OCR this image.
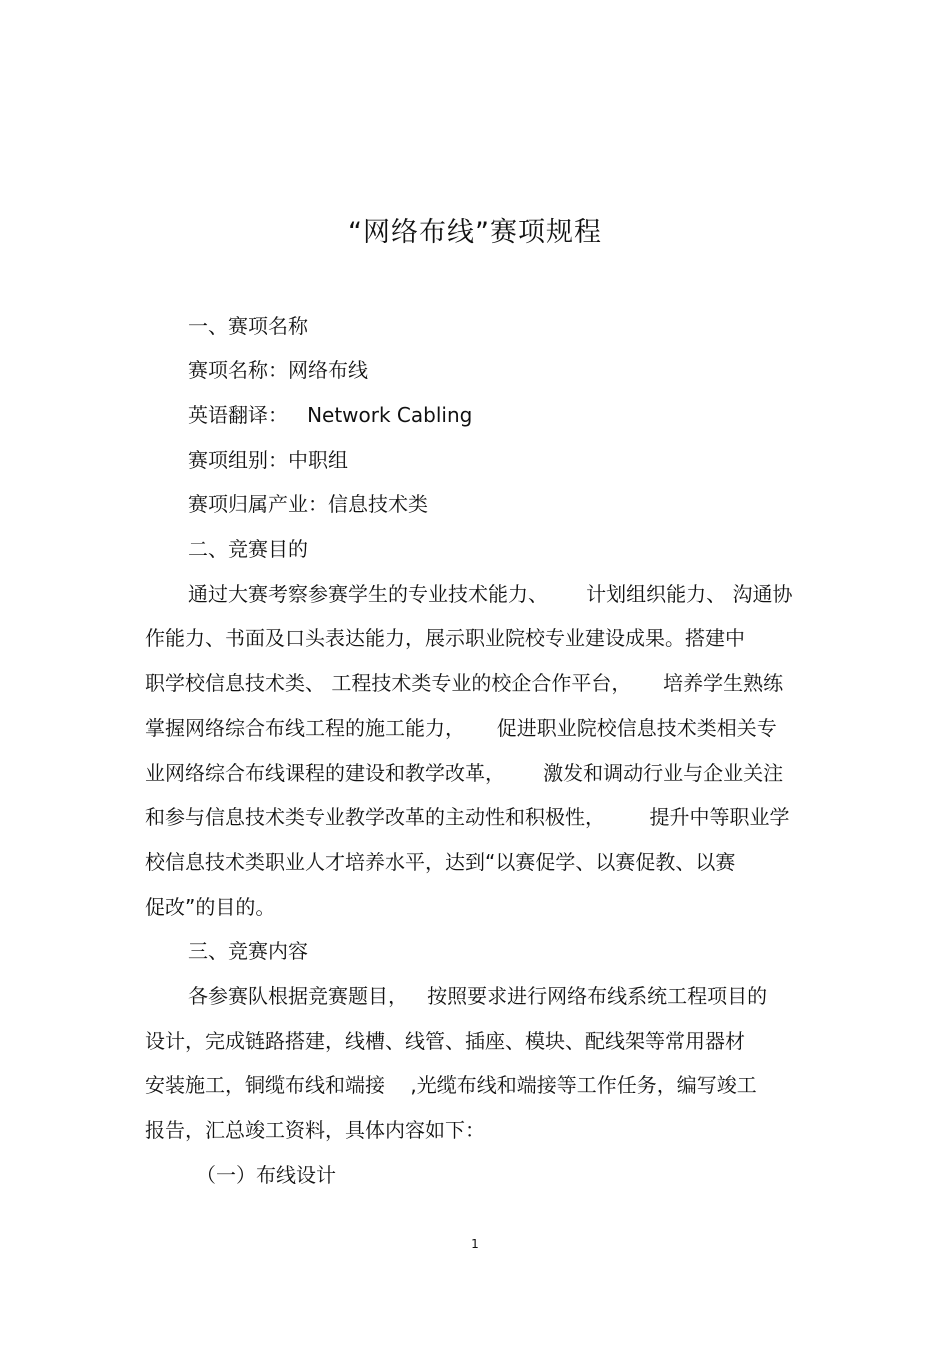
“网络布线”赛项规程
一、赛项名称
赛项名称：网络布线
英语翻译：   Network Cabling
赛项组别：中职组
赛项归属产业：信息技术类
二、竞赛目的
通过大赛考察参赛学生的专业技术能力、      计划组织能力、 沟通协
作能力、书面及口头表达能力，展示职业院校专业建设成果。搭建中
职学校信息技术类、 工程技术类专业的校企合作平台，     培养学生熟练
掌握网络综合布线工程的施工能力，     促进职业院校信息技术类相关专
业网络综合布线课程的建设和教学改革，      激发和调动行业与企业关注
和参与信息技术类专业教学改革的主动性和积极性，       提升中等职业学
校信息技术类职业人才培养水平，达到“以赛促学、以赛促教、以赛
促改”的目的。
三、竞赛内容
各参赛队根据竞赛题目，   按照要求进行网络布线系统工程项目的
设计，完成链路搭建，线槽、线管、插座、模块、配线架等常用器材
安装施工，铜缆布线和端接    ,光缆布线和端接等工作任务，编写竣工
报告，汇总竣工资料，具体内容如下：
（一）布线设计
1
